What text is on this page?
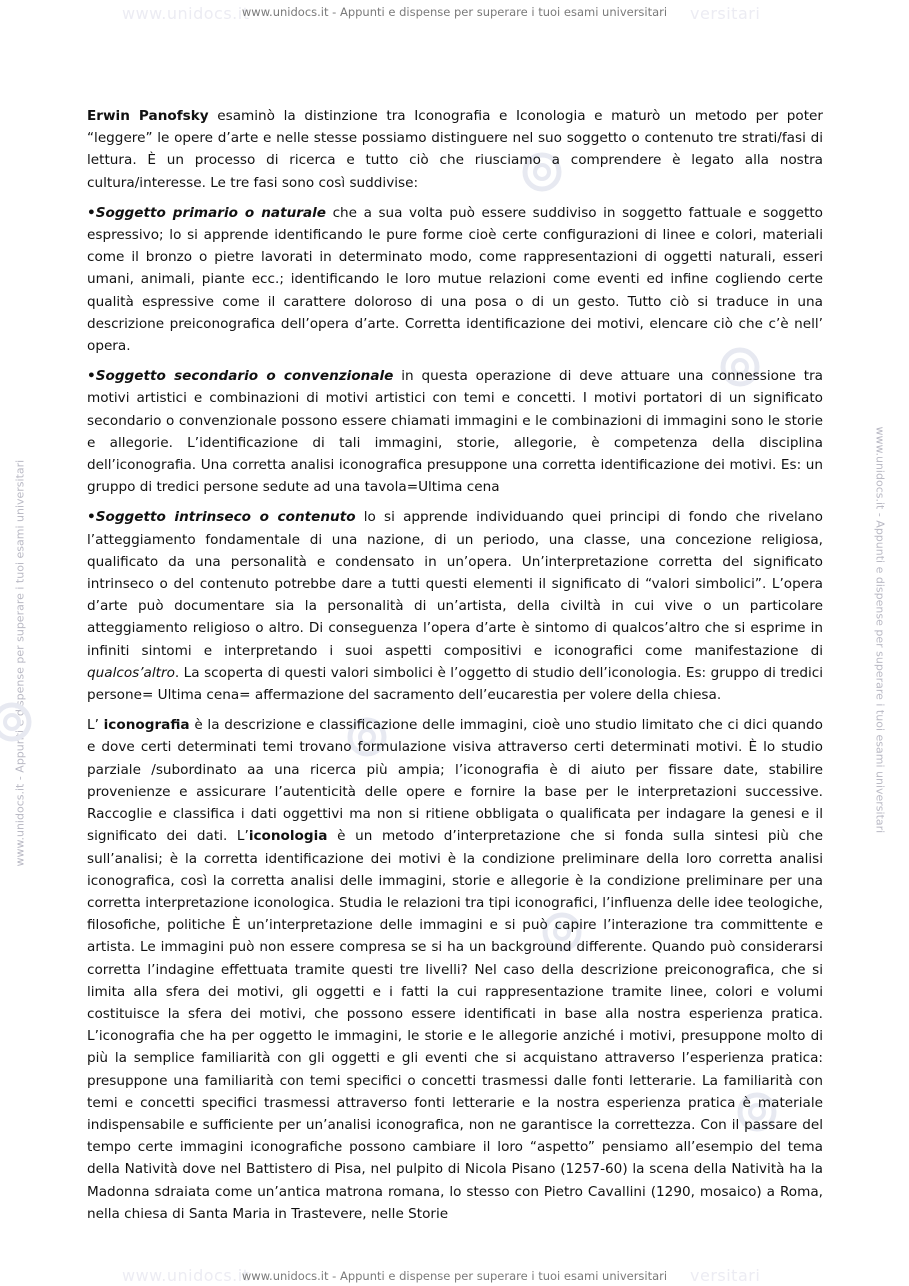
www.unidocs.it	versitari
www.unidocs.it - Appunti e dispense per superare i tuoi esami universitari
www.unidocs.it - Appunti e dispense per superare i tuoi esami universitari	www.unidocs.it - Appunti e dispense per superare i tuoi esami universitari

Erwin Panofsky esaminò la distinzione tra Iconografia e Iconologia e maturò un metodo per poter “leggere” le opere d’arte e nelle stesse possiamo distinguere nel suo soggetto o contenuto tre strati/fasi di lettura. È un processo di ricerca e tutto ciò che riusciamo a comprendere è legato alla nostra cultura/interesse. Le tre fasi sono così suddivise:

•Soggetto primario o naturale che a sua volta può essere suddiviso in soggetto fattuale e soggetto espressivo; lo si apprende identificando le pure forme cioè certe configurazioni di linee e colori, materiali come il bronzo o pietre lavorati in determinato modo, come rappresentazioni di oggetti naturali, esseri umani, animali, piante ecc.; identificando le loro mutue relazioni come eventi ed infine cogliendo certe qualità espressive come il carattere doloroso di una posa o di un gesto. Tutto ciò si traduce in una descrizione preiconografica dell’opera d’arte. Corretta identificazione dei motivi, elencare ciò che c’è nell’ opera.

•Soggetto secondario o convenzionale in questa operazione di deve attuare una connessione tra motivi artistici e combinazioni di motivi artistici con temi e concetti. I motivi portatori di un significato secondario o convenzionale possono essere chiamati immagini e le combinazioni di immagini sono le storie e allegorie. L’identificazione di tali immagini, storie, allegorie, è competenza della disciplina dell’iconografia. Una corretta analisi iconografica presuppone una corretta identificazione dei motivi. Es: un gruppo di tredici persone sedute ad una tavola=Ultima cena

•Soggetto intrinseco o contenuto lo si apprende individuando quei principi di fondo che rivelano l’atteggiamento fondamentale di una nazione, di un periodo, una classe, una concezione religiosa, qualificato da una personalità e condensato in un’opera. Un’interpretazione corretta del significato intrinseco o del contenuto potrebbe dare a tutti questi elementi il significato di “valori simbolici”. L’opera d’arte può documentare sia la personalità di un’artista, della civiltà in cui vive o un particolare atteggiamento religioso o altro. Di conseguenza l’opera d’arte è sintomo di qualcos’altro che si esprime in infiniti sintomi e interpretando i suoi aspetti compositivi e iconografici come manifestazione di qualcos’altro. La scoperta di questi valori simbolici è l’oggetto di studio dell’iconologia. Es: gruppo di tredici persone= Ultima cena= affermazione del sacramento dell’eucarestia per volere della chiesa.

L’ iconografia è la descrizione e classificazione delle immagini, cioè uno studio limitato che ci dici quando e dove certi determinati temi trovano formulazione visiva attraverso certi determinati motivi. È lo studio parziale /subordinato aa una ricerca più ampia; l’iconografia è di aiuto per fissare date, stabilire provenienze e assicurare l’autenticità delle opere e fornire la base per le interpretazioni successive. Raccoglie e classifica i dati oggettivi ma non si ritiene obbligata o qualificata per indagare la genesi e il significato dei dati. L’iconologia è un metodo d’interpretazione che si fonda sulla sintesi più che sull’analisi; è la corretta identificazione dei motivi è la condizione preliminare della loro corretta analisi iconografica, così la corretta analisi delle immagini, storie e allegorie è la condizione preliminare per una corretta interpretazione iconologica. Studia le relazioni tra tipi iconografici, l’influenza delle idee teologiche, filosofiche, politiche È un’interpretazione delle immagini e si può capire l’interazione tra committente e artista. Le immagini può non essere compresa se si ha un background differente. Quando può considerarsi corretta l’indagine effettuata tramite questi tre livelli? Nel caso della descrizione preiconografica, che si limita alla sfera dei motivi, gli oggetti e i fatti la cui rappresentazione tramite linee, colori e volumi costituisce la sfera dei motivi, che possono essere identificati in base alla nostra esperienza pratica. L’iconografia che ha per oggetto le immagini, le storie e le allegorie anziché i motivi, presuppone molto di più la semplice familiarità con gli oggetti e gli eventi che si acquistano attraverso l’esperienza pratica: presuppone una familiarità con temi specifici o concetti trasmessi dalle fonti letterarie. La familiarità con temi e concetti specifici trasmessi attraverso fonti letterarie e la nostra esperienza pratica è materiale indispensabile e sufficiente per un’analisi iconografica, non ne garantisce la correttezza. Con il passare del tempo certe immagini iconografiche possono cambiare il loro “aspetto” pensiamo all’esempio del tema della Natività dove nel Battistero di Pisa, nel pulpito di Nicola Pisano (1257-60) la scena della Natività ha la Madonna sdraiata come un’antica matrona romana, lo stesso con Pietro Cavallini (1290, mosaico) a Roma, nella chiesa di Santa Maria in Trastevere, nelle Storie

www.unidocs.it	versitari
www.unidocs.it - Appunti e dispense per superare i tuoi esami universitari
